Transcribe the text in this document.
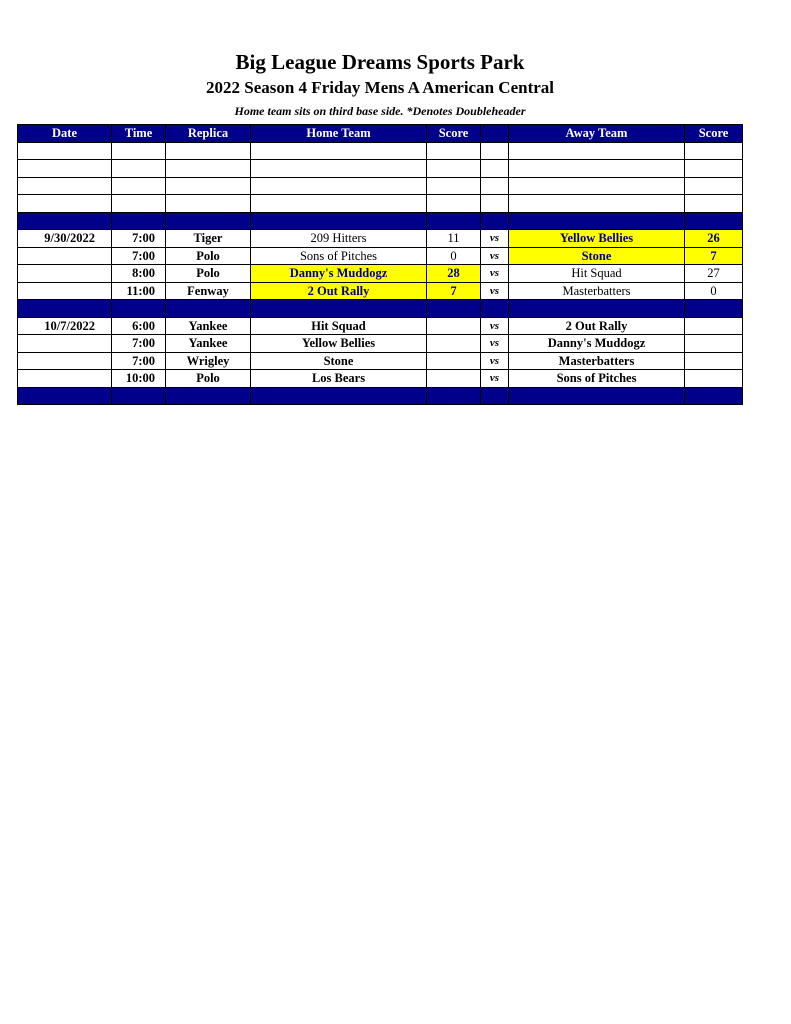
Big League Dreams Sports Park
2022 Season 4 Friday Mens A American Central
Home team sits on third base side. *Denotes Doubleheader
Date	Time	Replica	Home Team	Score		Away Team	Score

9/30/2022	7:00	Tiger	209 Hitters	11	vs	Yellow Bellies	26
	7:00	Polo	Sons of Pitches	0	vs	Stone	7
	8:00	Polo	Danny's Muddogz	28	vs	Hit Squad	27
	11:00	Fenway	2 Out Rally	7	vs	Masterbatters	0

10/7/2022	6:00	Yankee	Hit Squad		vs	2 Out Rally	
	7:00	Yankee	Yellow Bellies		vs	Danny's Muddogz	
	7:00	Wrigley	Stone		vs	Masterbatters	
	10:00	Polo	Los Bears		vs	Sons of Pitches	
